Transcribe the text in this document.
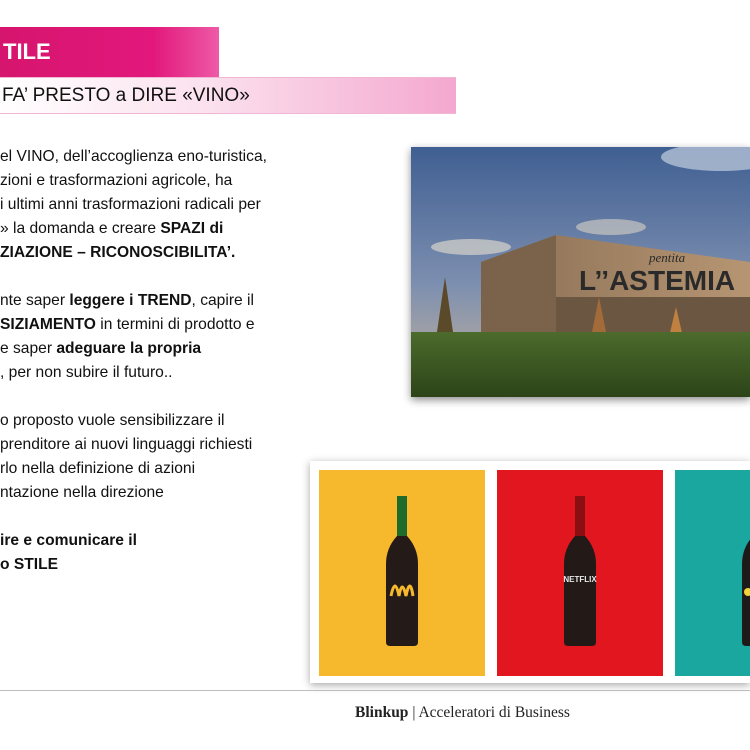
TILE
FA’ PRESTO a DIRE «VINO»

el VINO, dell’accoglienza eno-turistica,
zioni e trasformazioni agricole, ha
i ultimi anni trasformazioni radicali per
» la domanda e creare SPAZI di
ZIAZIONE – RICONOSCIBILITA’.

nte saper leggere i TREND, capire il
SIZIAMENTO in termini di prodotto e
e saper adeguare la propria
, per non subire il futuro..

o proposto vuole sensibilizzare il
prenditore ai nuovi linguaggi richiesti
rlo nella definizione di azioni
ntazione nella direzione

ire e comunicare il
o STILE

L’’ASTEMIA
pentita
NETFLIX
Blinkup | Acceleratori di Business
